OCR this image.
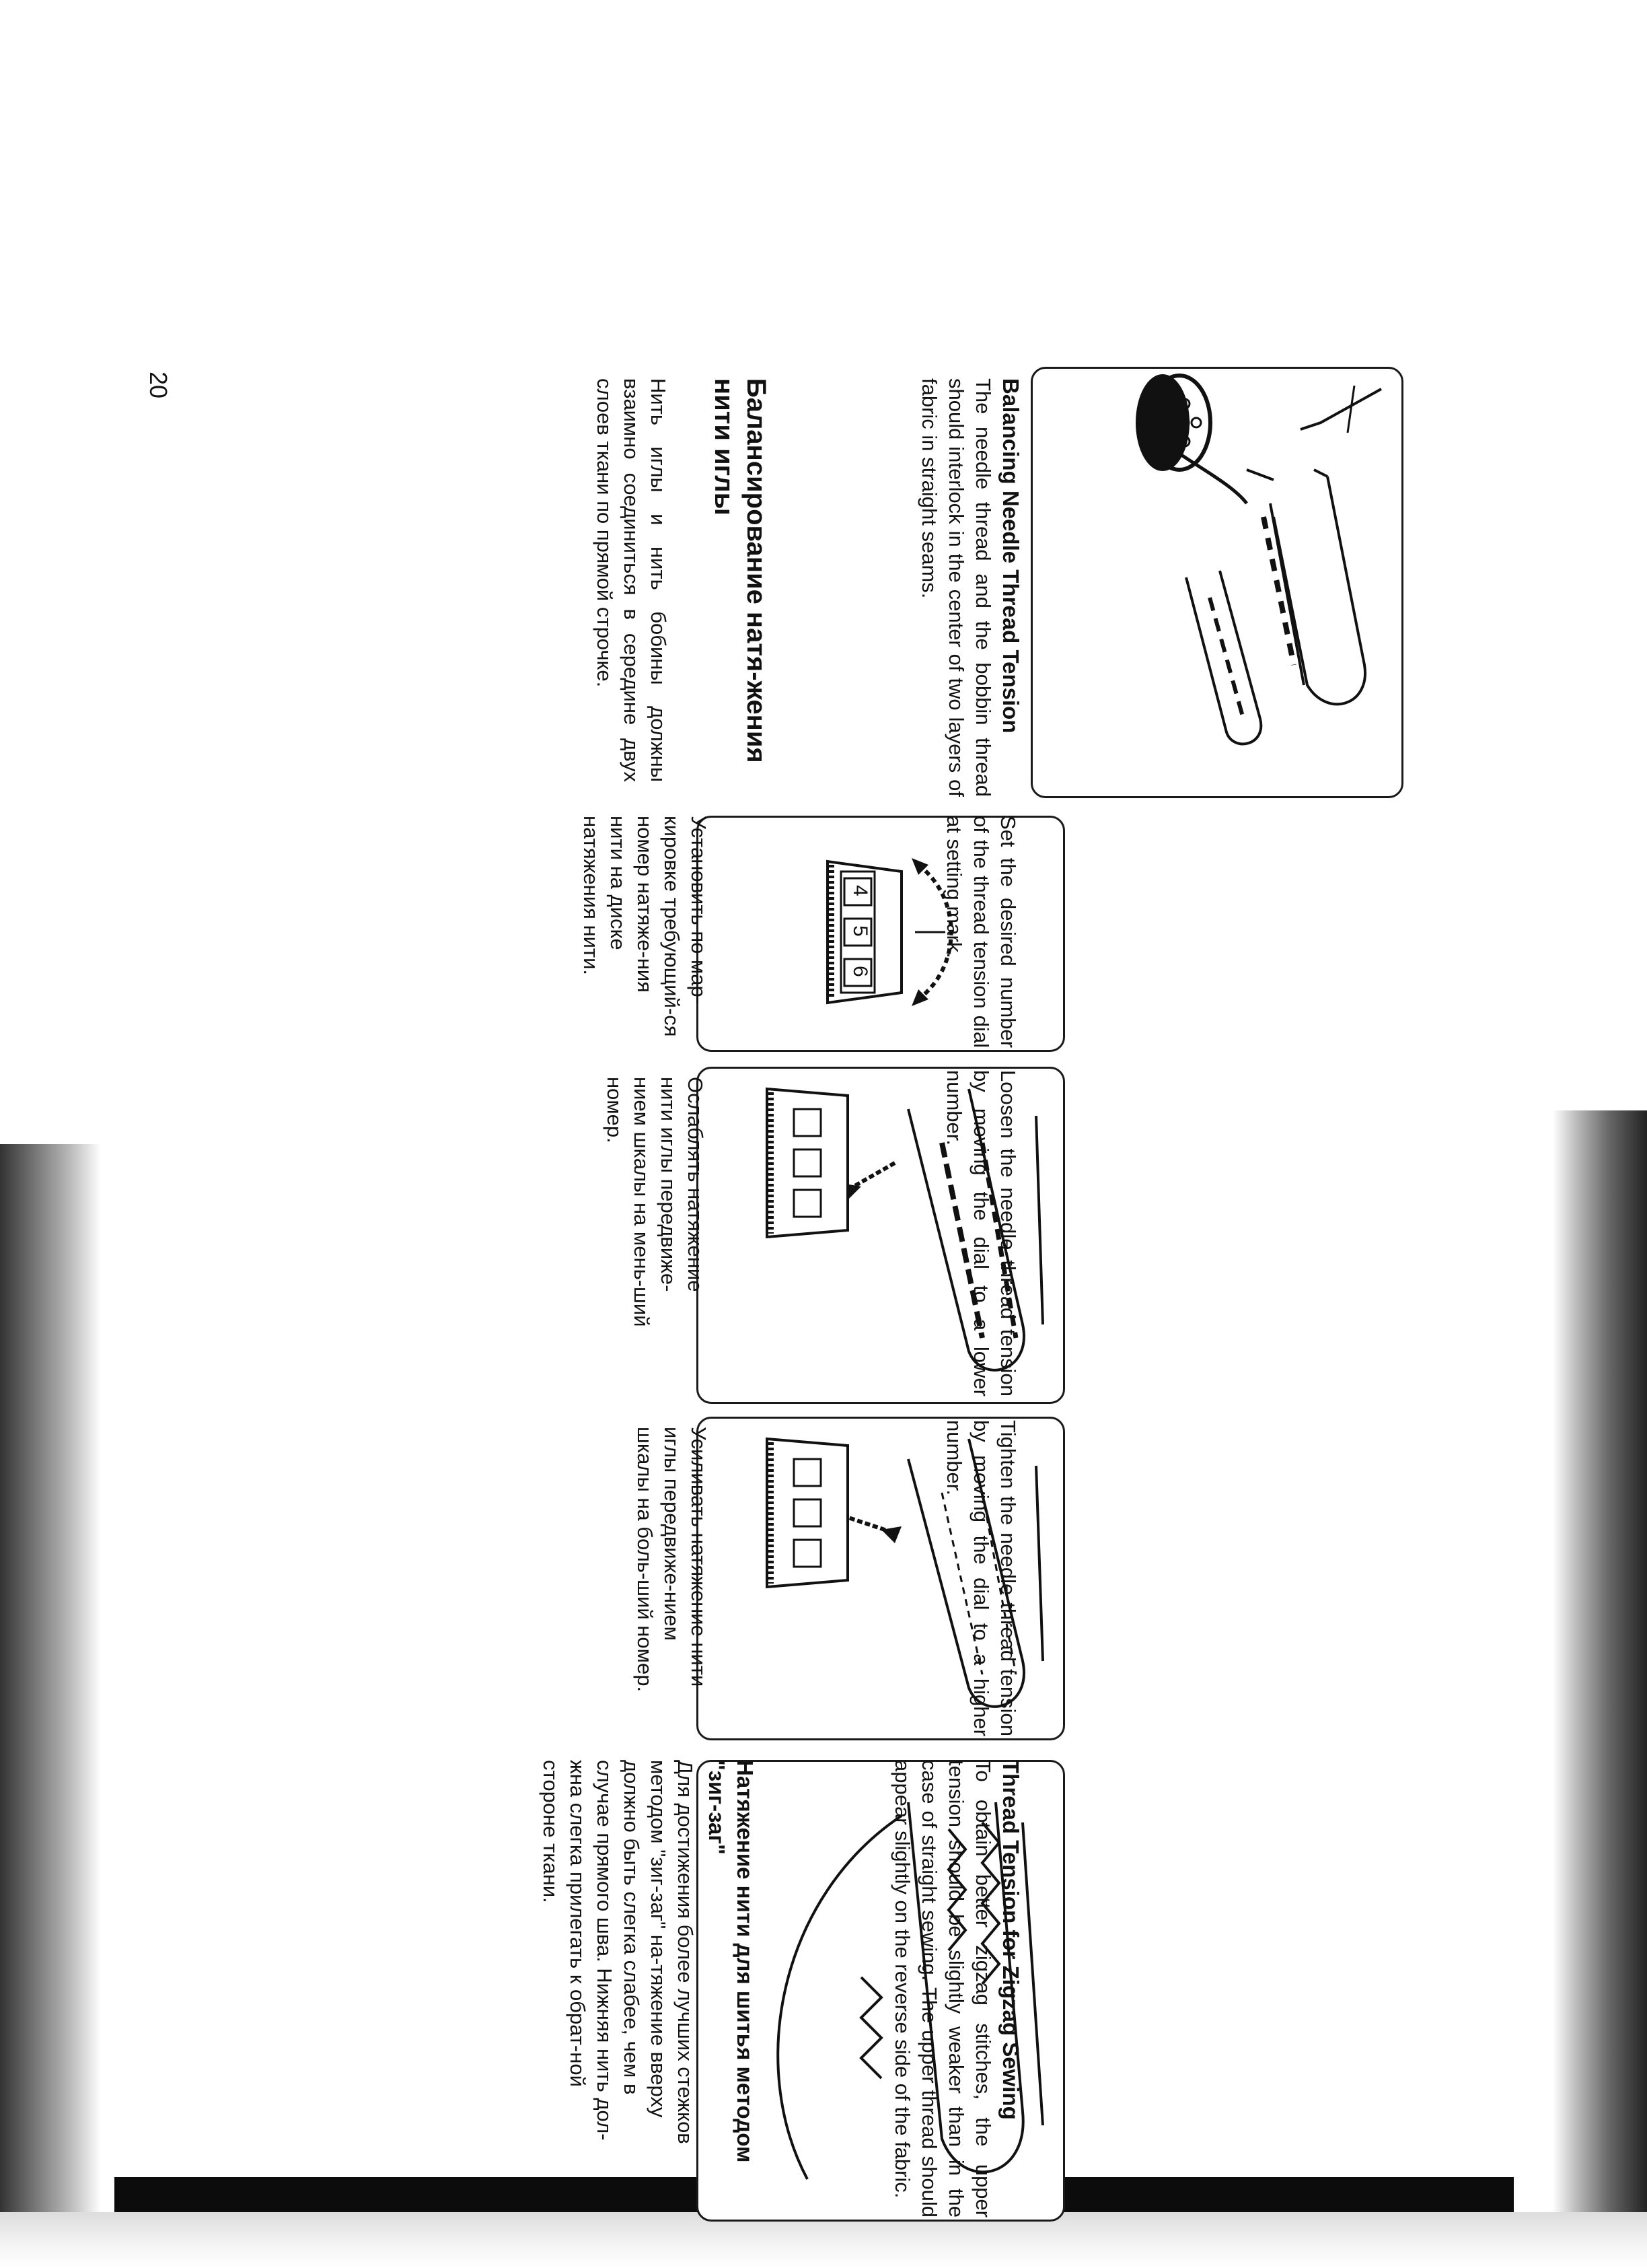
20
4
5
6
Balancing Needle Thread Tension
The needle thread and the bobbin thread should interlock in the center of two layers of fabric in straight seams.
Балансирование натя-жения нити иглы
Нить иглы и нить бобины должны взаимно соединиться в середине двух слоев ткани по прямой строчке.
Set the desired number of the thread tension dial at setting mark.
Установить по мар-кировке требующий-ся номер натяже-ния нити на диске натяжения нити.
Loosen the needle thread tension by moving the dial to a lower number.
Ослаблять натяжение нити иглы передвиже-нием шкалы на мень-ший номер.
Tighten the needle thread tension by moving the dial to a higher number.
Усиливать натяжение нити иглы передвиже-нием шкалы на боль-ший номер.
Thread Tension for Zigzag Sewing
To obtain better zigzag stitches, the upper tension should be slightly weaker than in the case of straight sewing. The upper thread should appear slightly on the reverse side of the fabric.
Натяжение нити для шитья методом "зиг-заг"
Для достижения более лучших стежков методом "зиг-заг" на-тяжение вверху должно быть слегка слабее, чем в случае прямого шва. Нижняя нить дол-жна слегка прилегать к обрат-ной стороне ткани.
